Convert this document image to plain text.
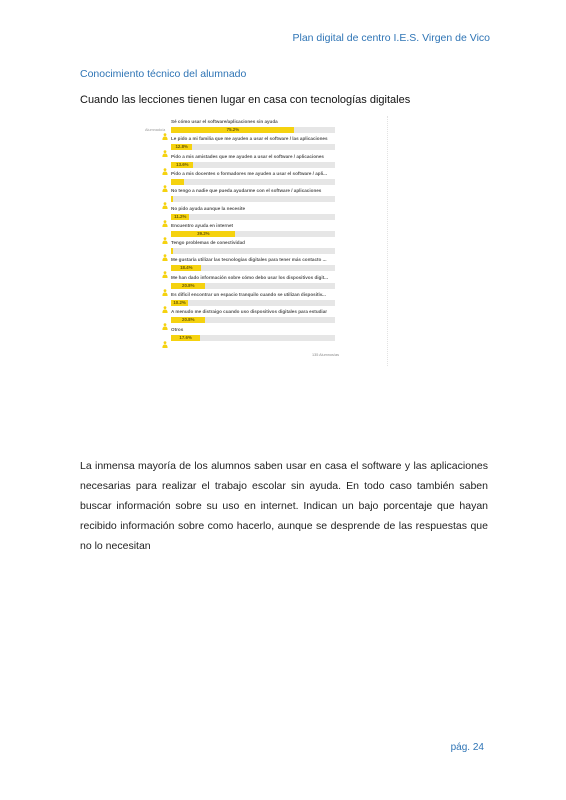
Plan digital de centro I.E.S. Virgen de Vico
Conocimiento técnico del alumnado
Cuando las lecciones tienen lugar en casa con tecnologías digitales
135 Alumnos/as
Alumnado/a
Sé cómo usar el software/aplicaciones sin ayuda
75.2%
Le pido a mi familia que me ayuden a usar el software / las aplicaciones
12.8%
Pido a mis amistades que me ayuden a usar el software / aplicaciones
13.6%
Pido a mis docentes o formadores me ayuden a usar el software / apli...
No tengo a nadie que pueda ayudarme con el software / aplicaciones
No pido ayuda aunque la necesite
11.2%
Encuentro ayuda en internet
39.2%
Tengo problemas de conectividad
Me gustaría utilizar las tecnologías digitales para tener más contacto ...
18.4%
Me han dado información sobre cómo debo usar los dispositivos digit...
20.8%
Es difícil encontrar un espacio tranquilo cuando se utilizan dispositiv...
10.2%
A menudo me distraigo cuando uso dispositivos digitales para estudiar
20.8%
Otros
17.6%
La inmensa mayoría de los alumnos saben usar en casa el software y las aplicaciones necesarias para realizar el trabajo escolar sin ayuda. En todo caso también saben buscar información sobre su uso en internet. Indican un bajo porcentaje que hayan recibido información sobre como hacerlo, aunque se desprende de las respuestas que no lo necesitan
pág. 24
